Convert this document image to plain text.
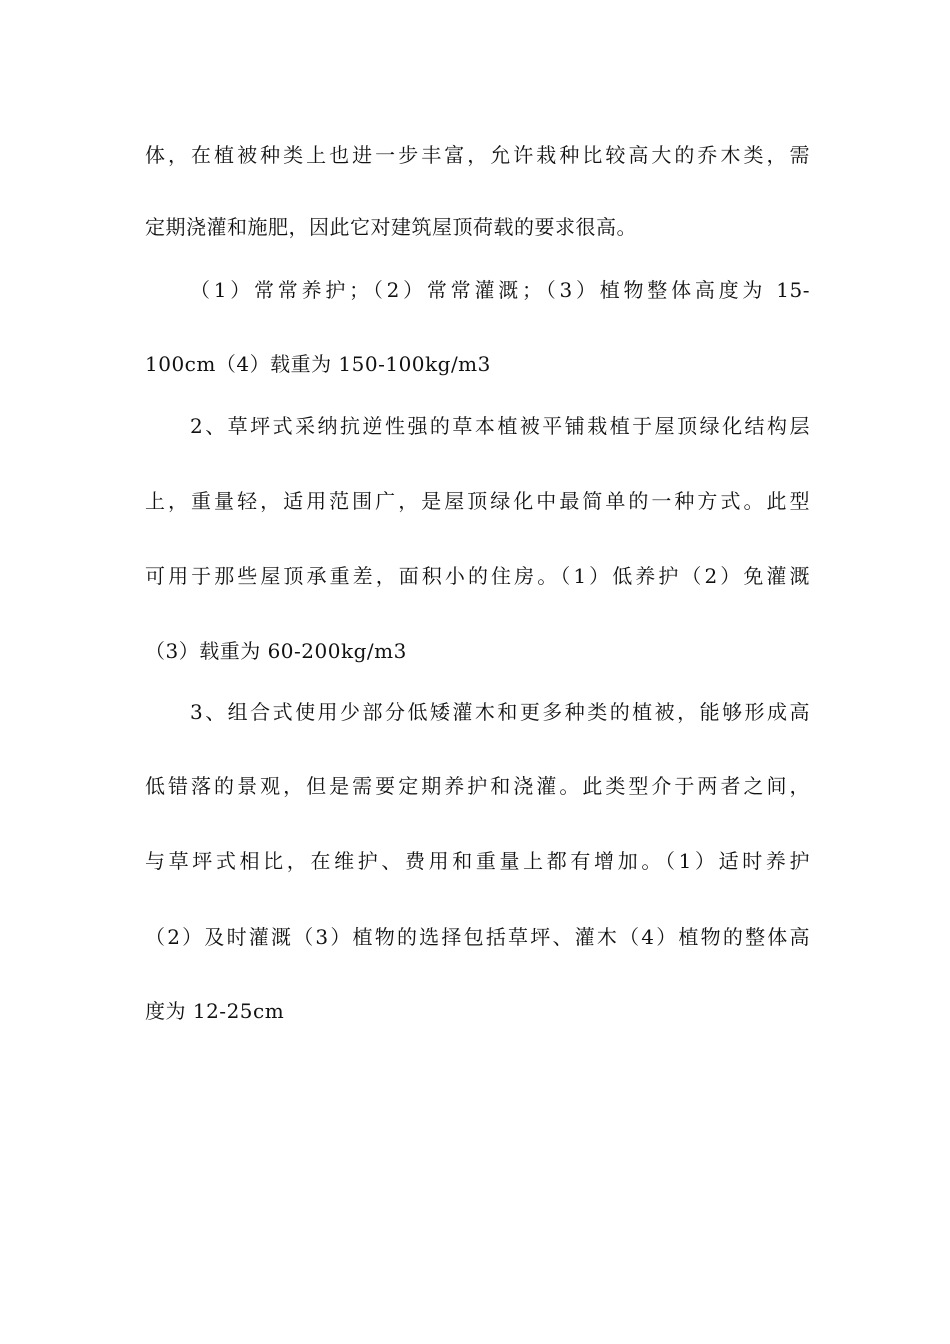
体，在植被种类上也进一步丰富，允许栽种比较高大的乔木类，需
定期浇灌和施肥，因此它对建筑屋顶荷载的要求很高。
（1）常常养护；（2）常常灌溉；（3）植物整体高度为 15-
100cm（4）载重为 150-100kg/m3
2、草坪式采纳抗逆性强的草本植被平铺栽植于屋顶绿化结构层
上，重量轻，适用范围广，是屋顶绿化中最简单的一种方式。此型
可用于那些屋顶承重差，面积小的住房。（1）低养护（2）免灌溉
（3）载重为 60-200kg/m3
3、组合式使用少部分低矮灌木和更多种类的植被，能够形成高
低错落的景观，但是需要定期养护和浇灌。此类型介于两者之间，
与草坪式相比，在维护、费用和重量上都有增加。（1）适时养护
（2）及时灌溉（3）植物的选择包括草坪、灌木（4）植物的整体高
度为 12-25cm
